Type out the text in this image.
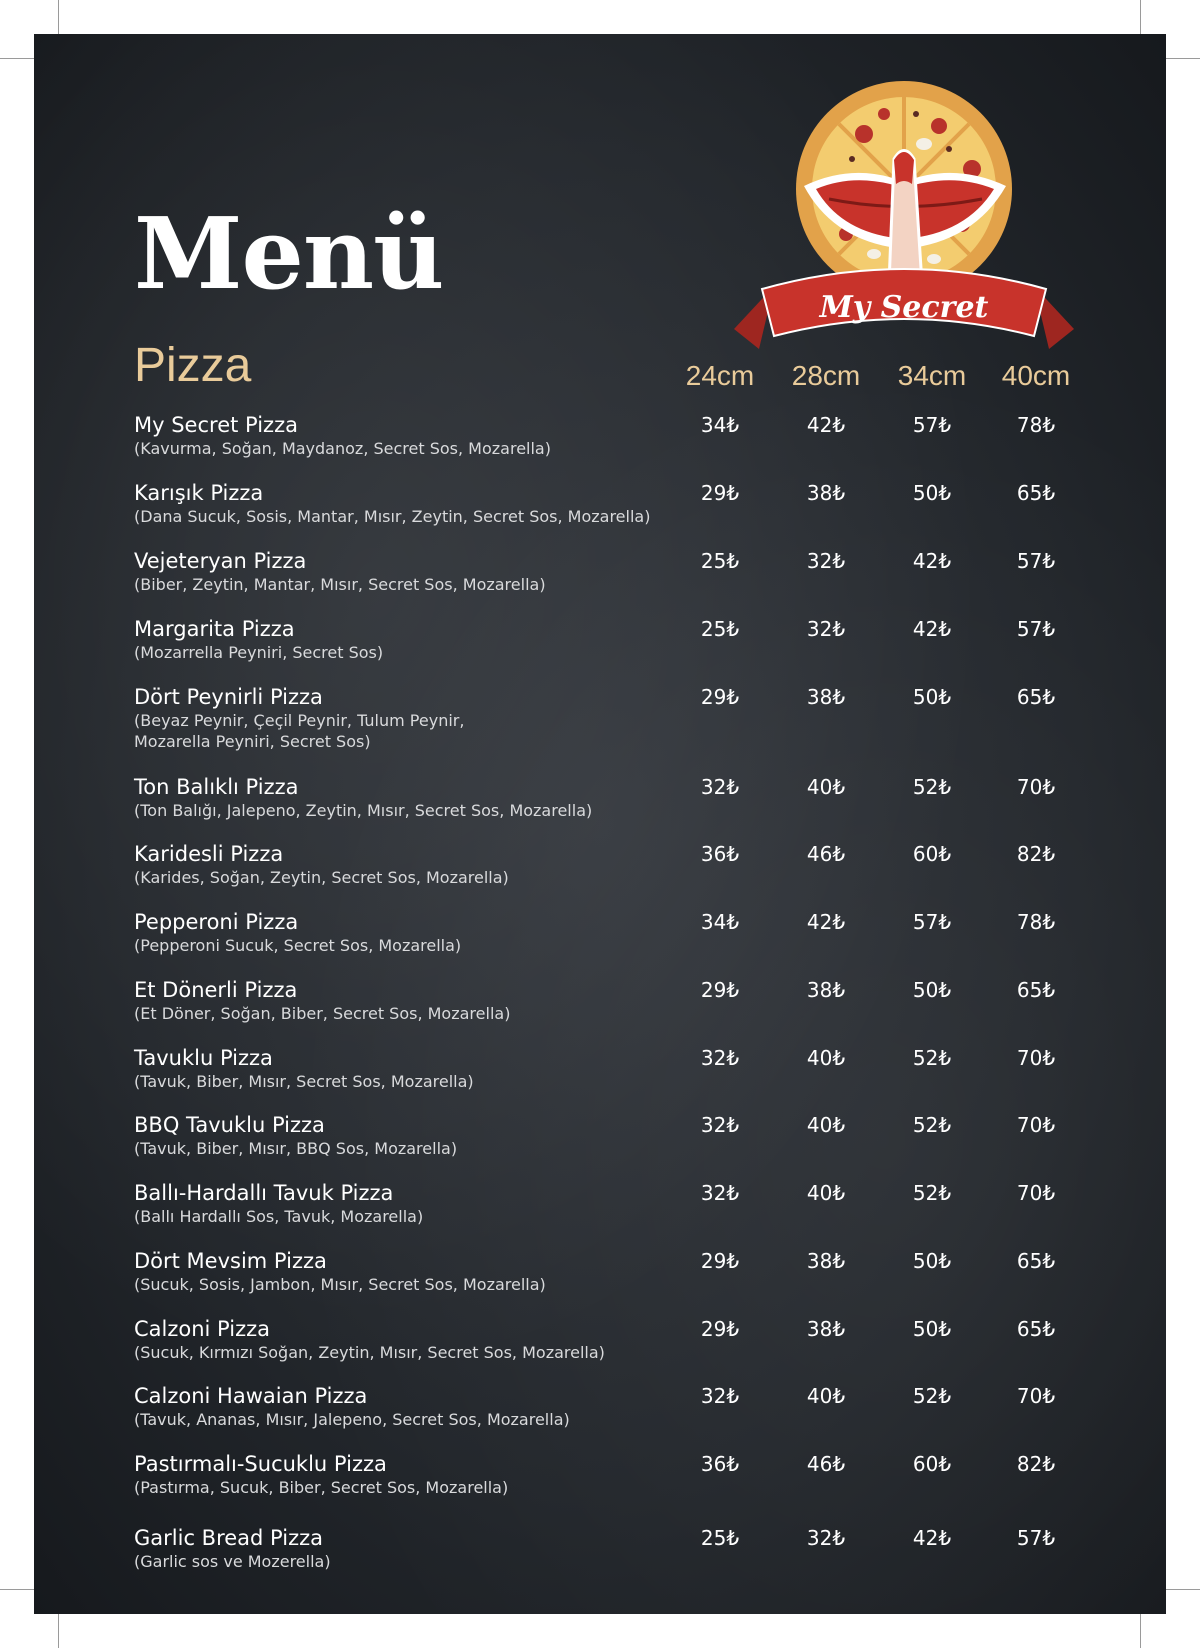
Menü
Pizza	24cm	28cm	34cm	40cm
My Secret
My Secret Pizza
(Kavurma, Soğan, Maydanoz, Secret Sos, Mozarella)
34₺	42₺	57₺	78₺
Karışık Pizza
(Dana Sucuk, Sosis, Mantar, Mısır, Zeytin, Secret Sos, Mozarella)
29₺	38₺	50₺	65₺
Vejeteryan Pizza
(Biber, Zeytin, Mantar, Mısır, Secret Sos, Mozarella)
25₺	32₺	42₺	57₺
Margarita Pizza
(Mozarrella Peyniri, Secret Sos)
25₺	32₺	42₺	57₺
Dört Peynirli Pizza
(Beyaz Peynir, Çeçil Peynir, Tulum Peynir, Mozarella Peyniri, Secret Sos)
29₺	38₺	50₺	65₺
Ton Balıklı Pizza
(Ton Balığı, Jalepeno, Zeytin, Mısır, Secret Sos, Mozarella)
32₺	40₺	52₺	70₺
Karidesli Pizza
(Karides, Soğan, Zeytin, Secret Sos, Mozarella)
36₺	46₺	60₺	82₺
Pepperoni Pizza
(Pepperoni Sucuk, Secret Sos, Mozarella)
34₺	42₺	57₺	78₺
Et Dönerli Pizza
(Et Döner, Soğan, Biber, Secret Sos, Mozarella)
29₺	38₺	50₺	65₺
Tavuklu Pizza
(Tavuk, Biber, Mısır, Secret Sos, Mozarella)
32₺	40₺	52₺	70₺
BBQ Tavuklu Pizza
(Tavuk, Biber, Mısır, BBQ Sos, Mozarella)
32₺	40₺	52₺	70₺
Ballı-Hardallı Tavuk Pizza
(Ballı Hardallı Sos, Tavuk, Mozarella)
32₺	40₺	52₺	70₺
Dört Mevsim Pizza
(Sucuk, Sosis, Jambon, Mısır, Secret Sos, Mozarella)
29₺	38₺	50₺	65₺
Calzoni Pizza
(Sucuk, Kırmızı Soğan, Zeytin, Mısır, Secret Sos, Mozarella)
29₺	38₺	50₺	65₺
Calzoni Hawaian Pizza
(Tavuk, Ananas, Mısır, Jalepeno, Secret Sos, Mozarella)
32₺	40₺	52₺	70₺
Pastırmalı-Sucuklu Pizza
(Pastırma, Sucuk, Biber, Secret Sos, Mozarella)
36₺	46₺	60₺	82₺
Garlic Bread Pizza
(Garlic sos ve Mozerella)
25₺	32₺	42₺	57₺
